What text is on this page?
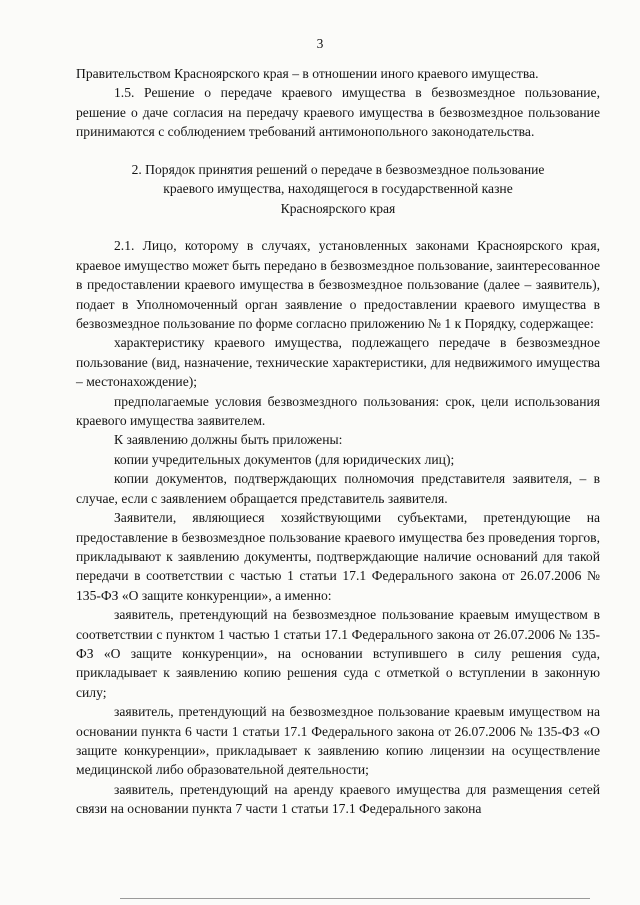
3

Правительством Красноярского края – в отношении иного краевого имущества.

1.5. Решение о передаче краевого имущества в безвозмездное пользование, решение о даче согласия на передачу краевого имущества в безвозмездное пользование принимаются с соблюдением требований антимонопольного законодательства.

2. Порядок принятия решений о передаче в безвозмездное пользование
краевого имущества, находящегося в государственной казне
Красноярского края

2.1. Лицо, которому в случаях, установленных законами Красноярского края, краевое имущество может быть передано в безвозмездное пользование, заинтересованное в предоставлении краевого имущества в безвозмездное пользование (далее – заявитель), подает в Уполномоченный орган заявление о предоставлении краевого имущества в безвозмездное пользование по форме согласно приложению № 1 к Порядку, содержащее:

характеристику краевого имущества, подлежащего передаче в безвозмездное пользование (вид, назначение, технические характеристики, для недвижимого имущества – местонахождение);

предполагаемые условия безвозмездного пользования: срок, цели использования краевого имущества заявителем.

К заявлению должны быть приложены:

копии учредительных документов (для юридических лиц);

копии документов, подтверждающих полномочия представителя заявителя, – в случае, если с заявлением обращается представитель заявителя.

Заявители, являющиеся хозяйствующими субъектами, претендующие на предоставление в безвозмездное пользование краевого имущества без проведения торгов, прикладывают к заявлению документы, подтверждающие наличие оснований для такой передачи в соответствии с частью 1 статьи 17.1 Федерального закона от 26.07.2006 № 135-ФЗ «О защите конкуренции», а именно:

заявитель, претендующий на безвозмездное пользование краевым имуществом в соответствии с пунктом 1 частью 1 статьи 17.1 Федерального закона от 26.07.2006 № 135-ФЗ «О защите конкуренции», на основании вступившего в силу решения суда, прикладывает к заявлению копию решения суда с отметкой о вступлении в законную силу;

заявитель, претендующий на безвозмездное пользование краевым имуществом на основании пункта 6 части 1 статьи 17.1 Федерального закона от 26.07.2006 № 135-ФЗ «О защите конкуренции», прикладывает к заявлению копию лицензии на осуществление медицинской либо образовательной деятельности;

заявитель, претендующий на аренду краевого имущества для размещения сетей связи на основании пункта 7 части 1 статьи 17.1 Федерального закона
